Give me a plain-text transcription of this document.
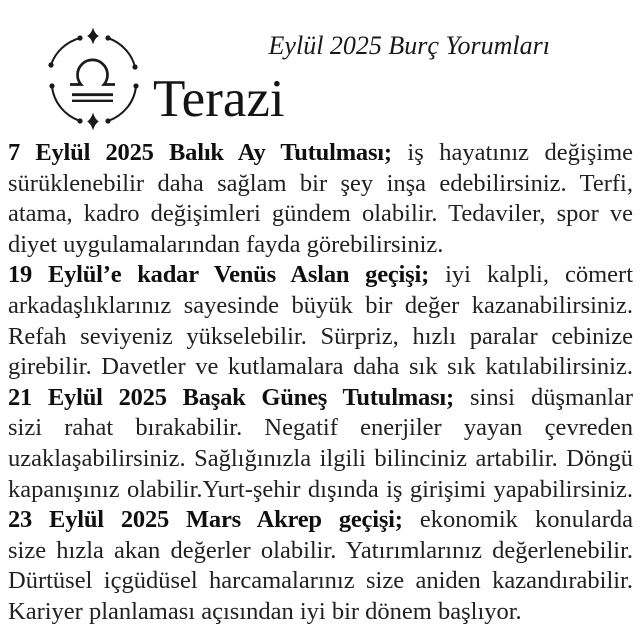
Eylül 2025 Burç Yorumları
Terazi
7 Eylül 2025 Balık Ay Tutulması; iş hayatınız değişime
sürüklenebilir daha sağlam bir şey inşa edebilirsiniz. Terfi,
atama, kadro değişimleri gündem olabilir. Tedaviler, spor ve
diyet uygulamalarından fayda görebilirsiniz.
19 Eylül’e kadar Venüs Aslan geçişi; iyi kalpli, cömert
arkadaşlıklarınız sayesinde büyük bir değer kazanabilirsiniz.
Refah seviyeniz yükselebilir. Sürpriz, hızlı paralar cebinize
girebilir. Davetler ve kutlamalara daha sık sık katılabilirsiniz.
21 Eylül 2025 Başak Güneş Tutulması; sinsi düşmanlar
sizi rahat bırakabilir. Negatif enerjiler yayan çevreden
uzaklaşabilirsiniz. Sağlığınızla ilgili bilinciniz artabilir. Döngü
kapanışınız olabilir.Yurt-şehir dışında iş girişimi yapabilirsiniz.
23 Eylül 2025 Mars Akrep geçişi; ekonomik konularda
size hızla akan değerler olabilir. Yatırımlarınız değerlenebilir.
Dürtüsel içgüdüsel harcamalarınız size aniden kazandırabilir.
Kariyer planlaması açısından iyi bir dönem başlıyor.
